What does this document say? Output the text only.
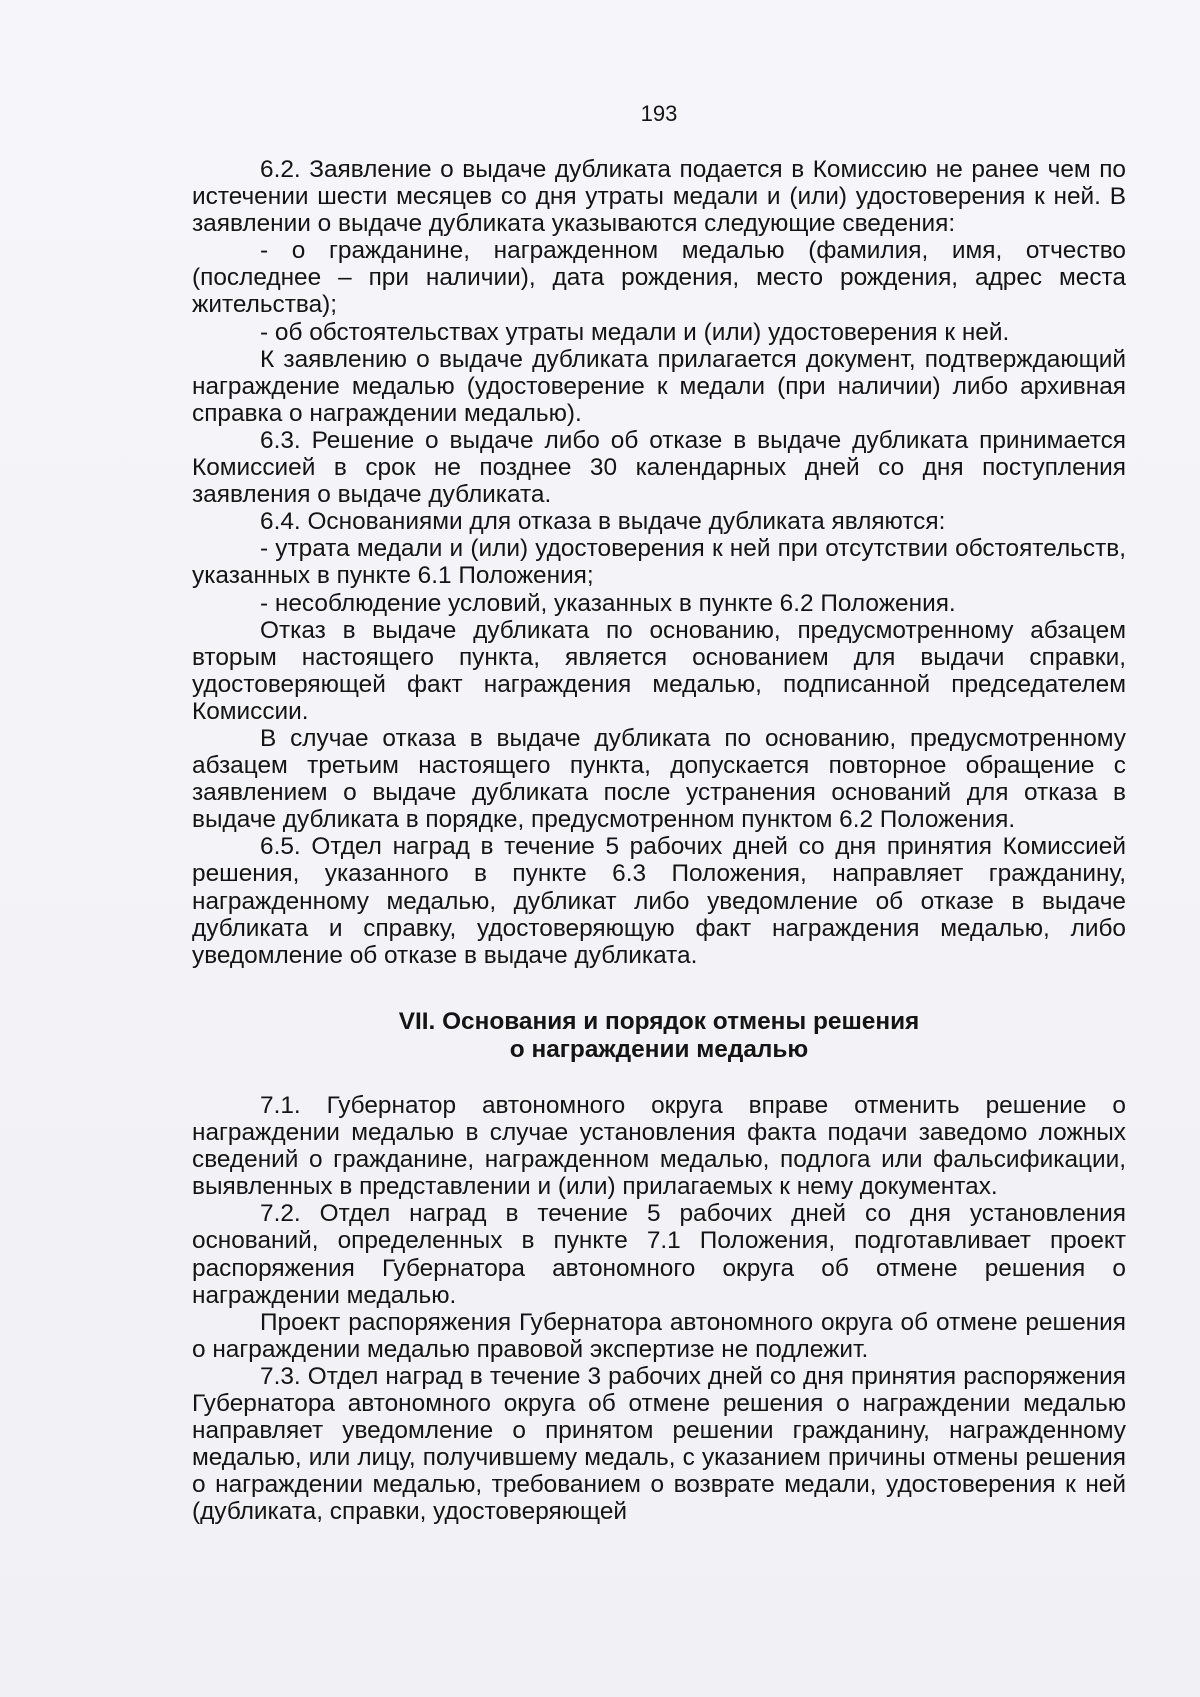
193

6.2. Заявление о выдаче дубликата подается в Комиссию не ранее чем по истечении шести месяцев со дня утраты медали и (или) удостоверения к ней. В заявлении о выдаче дубликата указываются следующие сведения:

- о гражданине, награжденном медалью (фамилия, имя, отчество (последнее – при наличии), дата рождения, место рождения, адрес места жительства);

- об обстоятельствах утраты медали и (или) удостоверения к ней.

К заявлению о выдаче дубликата прилагается документ, подтверждающий награждение медалью (удостоверение к медали (при наличии) либо архивная справка о награждении медалью).

6.3. Решение о выдаче либо об отказе в выдаче дубликата принимается Комиссией в срок не позднее 30 календарных дней со дня поступления заявления о выдаче дубликата.

6.4. Основаниями для отказа в выдаче дубликата являются:

- утрата медали и (или) удостоверения к ней при отсутствии обстоятельств, указанных в пункте 6.1 Положения;

- несоблюдение условий, указанных в пункте 6.2 Положения.

Отказ в выдаче дубликата по основанию, предусмотренному абзацем вторым настоящего пункта, является основанием для выдачи справки, удостоверяющей факт награждения медалью, подписанной председателем Комиссии.

В случае отказа в выдаче дубликата по основанию, предусмотренному абзацем третьим настоящего пункта, допускается повторное обращение с заявлением о выдаче дубликата после устранения оснований для отказа в выдаче дубликата в порядке, предусмотренном пунктом 6.2 Положения.

6.5. Отдел наград в течение 5 рабочих дней со дня принятия Комиссией решения, указанного в пункте 6.3 Положения, направляет гражданину, награжденному медалью, дубликат либо уведомление об отказе в выдаче дубликата и справку, удостоверяющую факт награждения медалью, либо уведомление об отказе в выдаче дубликата.

VII. Основания и порядок отмены решения
о награждении медалью

7.1. Губернатор автономного округа вправе отменить решение о награждении медалью в случае установления факта подачи заведомо ложных сведений о гражданине, награжденном медалью, подлога или фальсификации, выявленных в представлении и (или) прилагаемых к нему документах.

7.2. Отдел наград в течение 5 рабочих дней со дня установления оснований, определенных в пункте 7.1 Положения, подготавливает проект распоряжения Губернатора автономного округа об отмене решения о награждении медалью.

Проект распоряжения Губернатора автономного округа об отмене решения о награждении медалью правовой экспертизе не подлежит.

7.3. Отдел наград в течение 3 рабочих дней со дня принятия распоряжения Губернатора автономного округа об отмене решения о награждении медалью направляет уведомление о принятом решении гражданину, награжденному медалью, или лицу, получившему медаль, с указанием причины отмены решения о награждении медалью, требованием о возврате медали, удостоверения к ней (дубликата, справки, удостоверяющей
